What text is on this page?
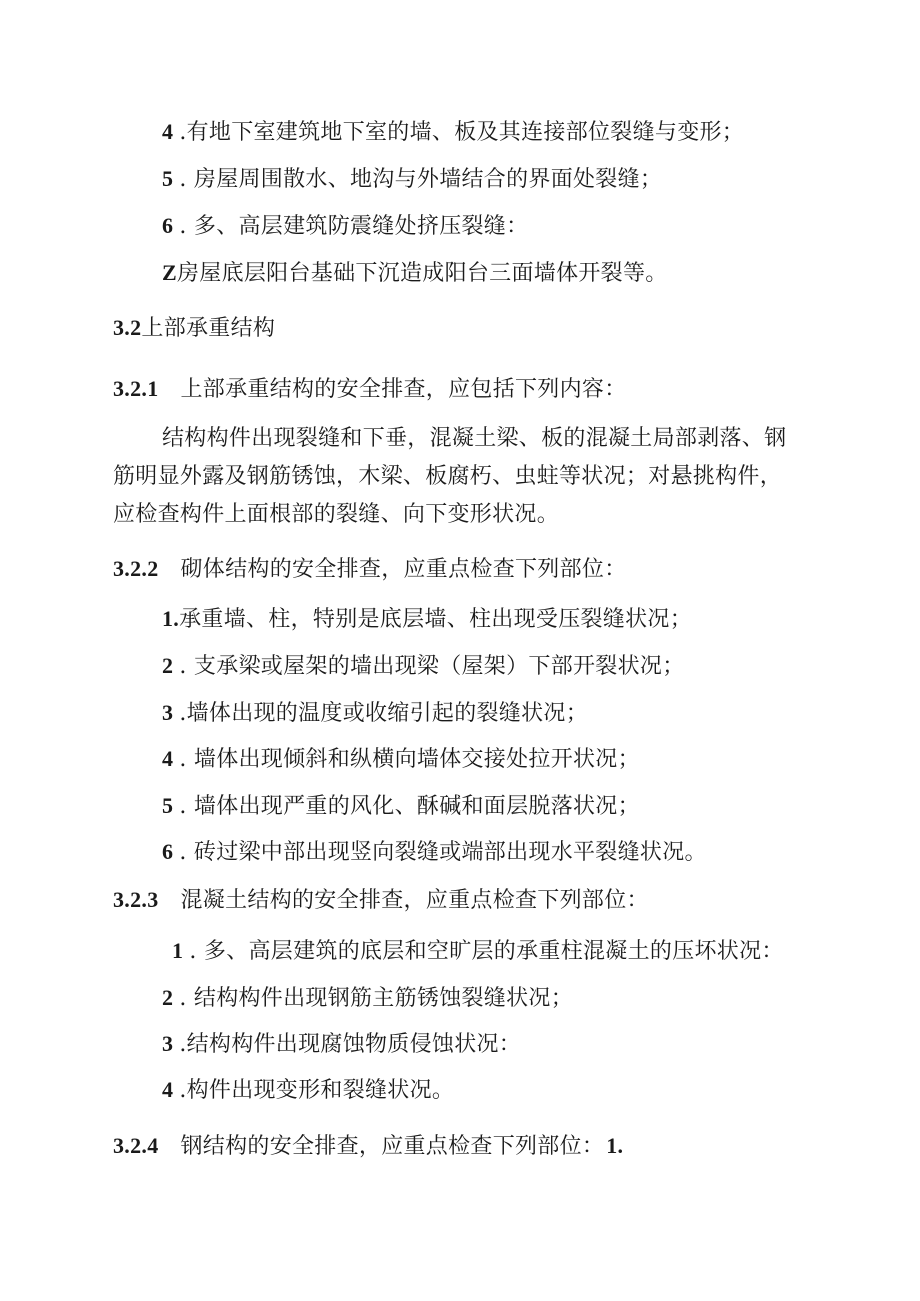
4 .有地下室建筑地下室的墙、板及其连接部位裂缝与变形；
5 . 房屋周围散水、地沟与外墙结合的界面处裂缝；
6 . 多、高层建筑防震缝处挤压裂缝：
Z房屋底层阳台基础下沉造成阳台三面墙体开裂等。
3.2上部承重结构
3.2.1 上部承重结构的安全排查，应包括下列内容：
结构构件出现裂缝和下垂，混凝土梁、板的混凝土局部剥落、钢
筋明显外露及钢筋锈蚀，木梁、板腐朽、虫蛀等状况；对悬挑构件，
应检查构件上面根部的裂缝、向下变形状况。
3.2.2 砌体结构的安全排查，应重点检查下列部位：
1.承重墙、柱，特别是底层墙、柱出现受压裂缝状况；
2 . 支承梁或屋架的墙出现梁（屋架）下部开裂状况；
3 .墙体出现的温度或收缩引起的裂缝状况；
4 . 墙体出现倾斜和纵横向墙体交接处拉开状况；
5 . 墙体出现严重的风化、酥碱和面层脱落状况；
6 . 砖过梁中部出现竖向裂缝或端部出现水平裂缝状况。
3.2.3 混凝土结构的安全排查，应重点检查下列部位：
1 . 多、高层建筑的底层和空旷层的承重柱混凝土的压坏状况：
2 . 结构构件出现钢筋主筋锈蚀裂缝状况；
3 .结构构件出现腐蚀物质侵蚀状况：
4 .构件出现变形和裂缝状况。
3.2.4 钢结构的安全排查，应重点检查下列部位：1.
